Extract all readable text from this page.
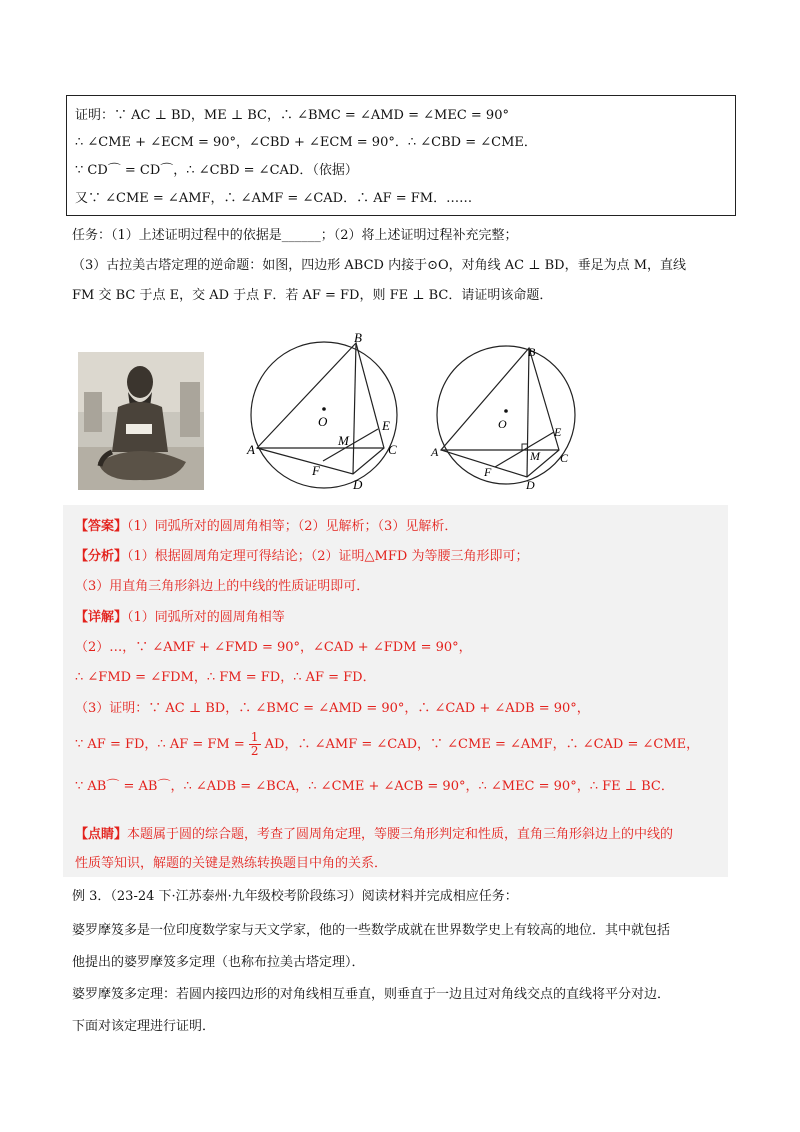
证明：∵ AC ⊥ BD，ME ⊥ BC，∴ ∠BMC = ∠AMD = ∠MEC = 90°
∴ ∠CME + ∠ECM = 90°，∠CBD + ∠ECM = 90°．∴ ∠CBD = ∠CME．
∵ CD⌒ = CD⌒，∴ ∠CBD = ∠CAD．（依据）
又∵ ∠CME = ∠AMF，∴ ∠AMF = ∠CAD．∴ AF = FM．……
任务：（1）上述证明过程中的依据是______；（2）将上述证明过程补充完整；
（3）古拉美古塔定理的逆命题：如图，四边形 ABCD 内接于⊙O，对角线 AC ⊥ BD，垂足为点 M，直线
FM 交 BC 于点 E，交 AD 于点 F．若 AF = FD，则 FE ⊥ BC．请证明该命题．
O
B
A	C
D
E
F
M
O
B
A	C
D
E
F
M
【答案】（1）同弧所对的圆周角相等；（2）见解析；（3）见解析．
【分析】（1）根据圆周角定理可得结论；（2）证明△MFD 为等腰三角形即可；
（3）用直角三角形斜边上的中线的性质证明即可．
【详解】（1）同弧所对的圆周角相等
（2）…，∵ ∠AMF + ∠FMD = 90°，∠CAD + ∠FDM = 90°，
∴ ∠FMD = ∠FDM，∴ FM = FD，∴ AF = FD．
（3）证明：∵ AC ⊥ BD，∴ ∠BMC = ∠AMD = 90°，∴ ∠CAD + ∠ADB = 90°，
∵ AF = FD，∴ AF = FM = $\frac{1}{2}$ AD，∴ ∠AMF = ∠CAD，∵ ∠CME = ∠AMF，∴ ∠CAD = ∠CME，
∵ AB⌒ = AB⌒，∴ ∠ADB = ∠BCA，∴ ∠CME + ∠ACB = 90°，∴ ∠MEC = 90°，∴ FE ⊥ BC．
【点睛】本题属于圆的综合题，考查了圆周角定理，等腰三角形判定和性质，直角三角形斜边上的中线的
性质等知识，解题的关键是熟练转换题目中角的关系．
例 3．（23-24 下·江苏泰州·九年级校考阶段练习）阅读材料并完成相应任务：
婆罗摩笈多是一位印度数学家与天文学家，他的一些数学成就在世界数学史上有较高的地位．其中就包括
他提出的婆罗摩笈多定理（也称布拉美古塔定理）．
婆罗摩笈多定理：若圆内接四边形的对角线相互垂直，则垂直于一边且过对角线交点的直线将平分对边．
下面对该定理进行证明．
